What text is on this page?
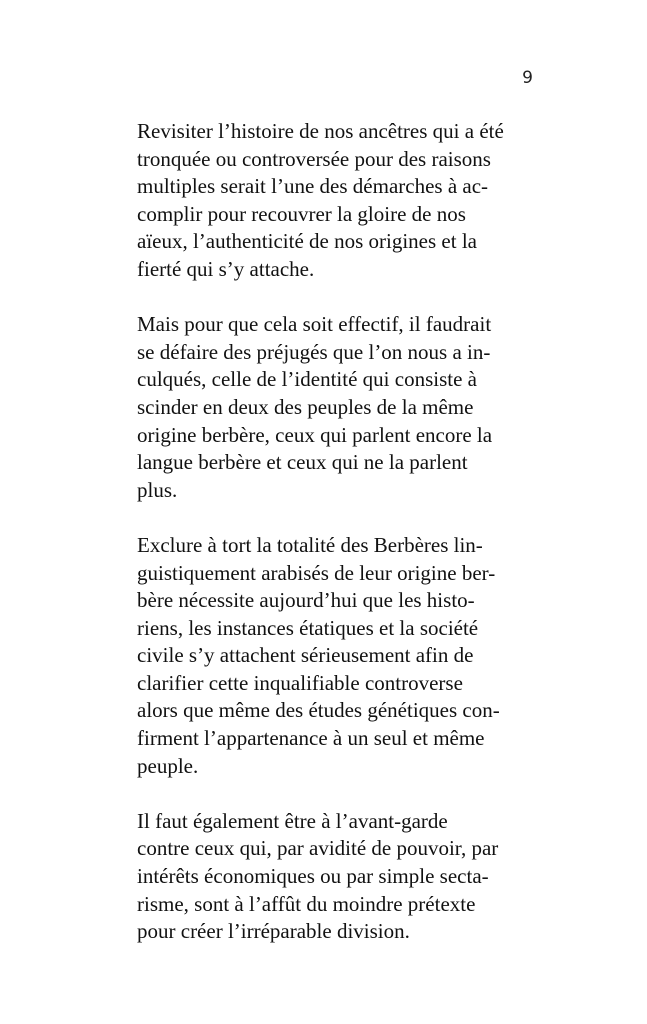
9

Revisiter l’histoire de nos ancêtres qui a été
tronquée ou controversée pour des raisons
multiples serait l’une des démarches à ac-
complir pour recouvrer la gloire de nos
aïeux, l’authenticité de nos origines et la
fierté qui s’y attache.

Mais pour que cela soit effectif, il faudrait
se défaire des préjugés que l’on nous a in-
culqués, celle de l’identité qui consiste à
scinder en deux des peuples de la même
origine berbère, ceux qui parlent encore la
langue berbère et ceux qui ne la parlent
plus.

Exclure à tort la totalité des Berbères lin-
guistiquement arabisés de leur origine ber-
bère nécessite aujourd’hui que les histo-
riens, les instances étatiques et la société
civile s’y attachent sérieusement afin de
clarifier cette inqualifiable controverse
alors que même des études génétiques con-
firment l’appartenance à un seul et même
peuple.

Il faut également être à l’avant-garde
contre ceux qui, par avidité de pouvoir, par
intérêts économiques ou par simple secta-
risme, sont à l’affût du moindre prétexte
pour créer l’irréparable division.
